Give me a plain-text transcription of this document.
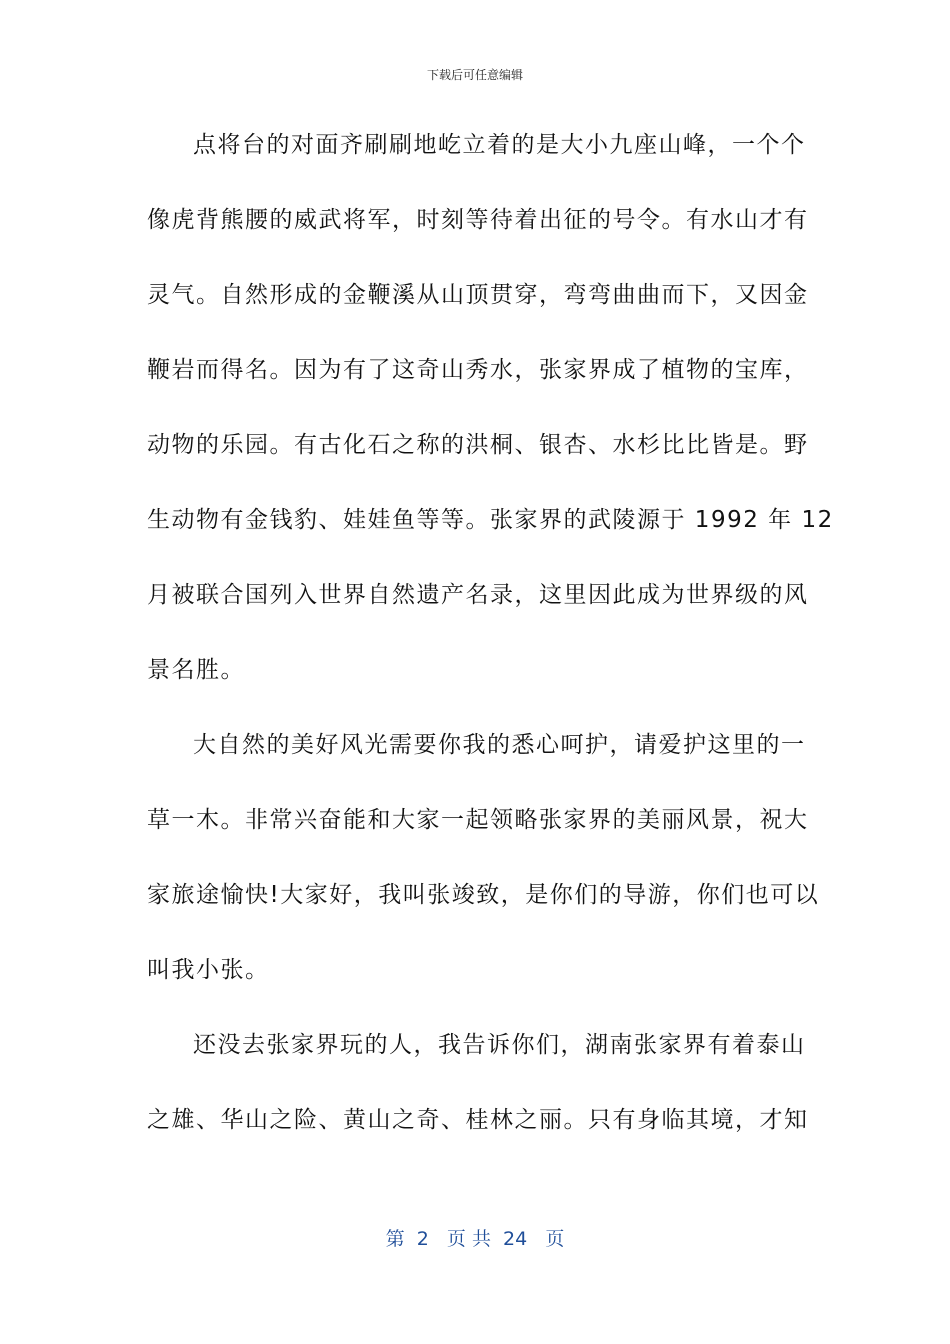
下载后可任意编辑
点将台的对面齐刷刷地屹立着的是大小九座山峰，一个个
像虎背熊腰的威武将军，时刻等待着出征的号令。有水山才有
灵气。自然形成的金鞭溪从山顶贯穿，弯弯曲曲而下，又因金
鞭岩而得名。因为有了这奇山秀水，张家界成了植物的宝库，
动物的乐园。有古化石之称的洪桐、银杏、水杉比比皆是。野
生动物有金钱豹、娃娃鱼等等。张家界的武陵源于 1992 年 12
月被联合国列入世界自然遗产名录，这里因此成为世界级的风
景名胜。
大自然的美好风光需要你我的悉心呵护，请爱护这里的一
草一木。非常兴奋能和大家一起领略张家界的美丽风景，祝大
家旅途愉快!大家好，我叫张竣致，是你们的导游，你们也可以
叫我小张。
还没去张家界玩的人，我告诉你们，湖南张家界有着泰山
之雄、华山之险、黄山之奇、桂林之丽。只有身临其境，才知
第  2   页 共  24   页
